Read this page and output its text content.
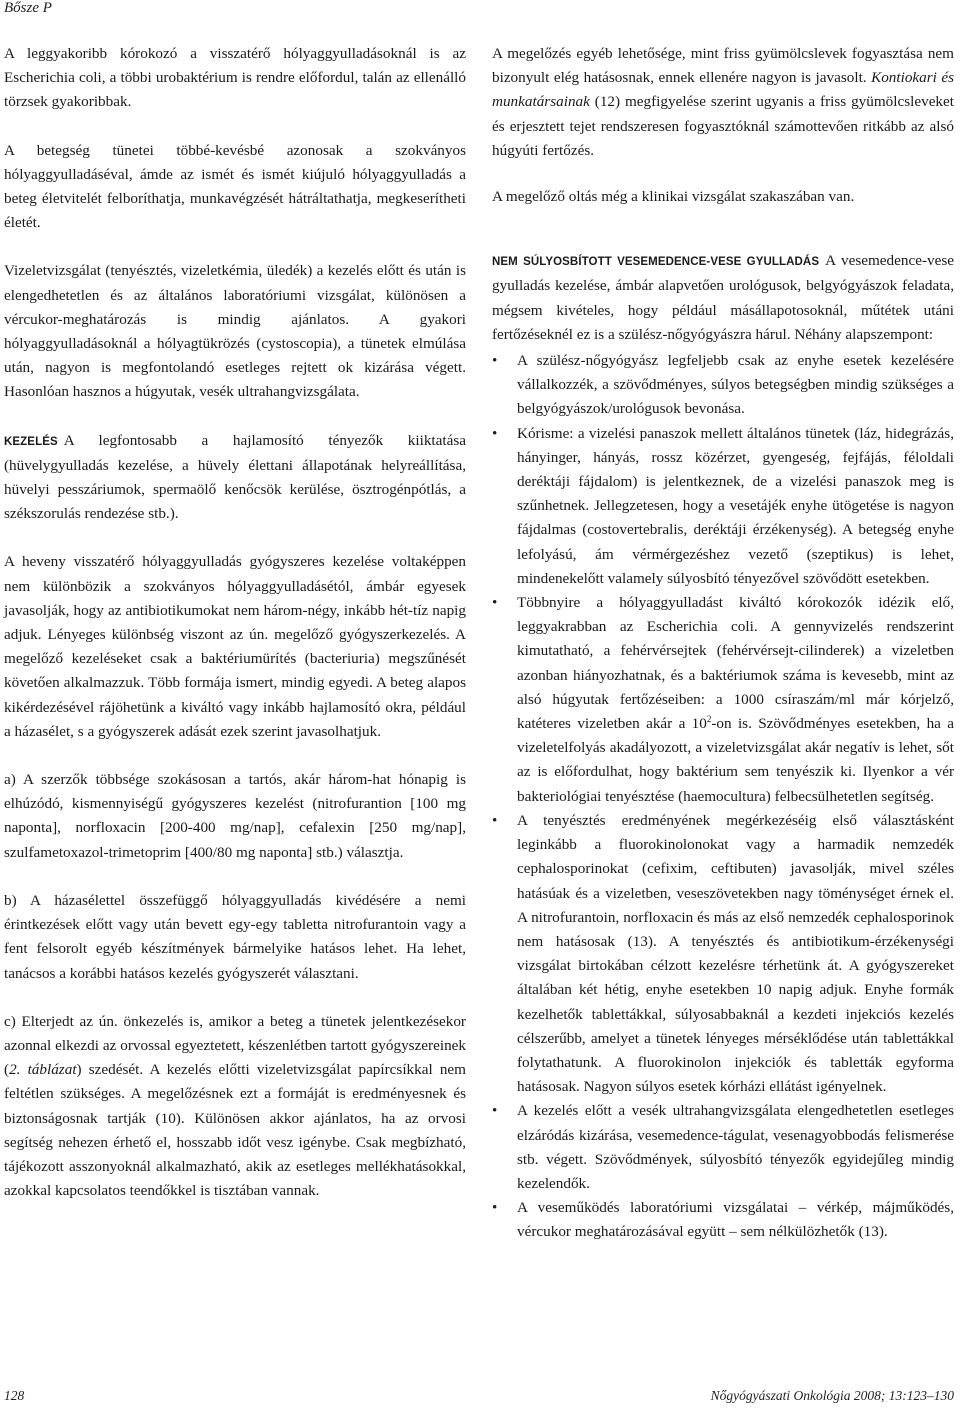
Bősze P

A leggyakoribb kórokozó a visszatérő hólyaggyulladásoknál is az Escherichia coli, a többi urobaktérium is rendre előfordul, talán az ellenálló törzsek gyakoribbak.

A betegség tünetei többé-kevésbé azonosak a szokványos hólyaggyulladáséval, ámde az ismét és ismét kiújuló hólyaggyulladás a beteg életvitelét felboríthatja, munkavégzését hátráltathatja, megkeserítheti életét.

Vizeletvizsgálat (tenyésztés, vizeletkémia, üledék) a kezelés előtt és után is elengedhetetlen és az általános laboratóriumi vizsgálat, különösen a vércukor-meghatározás is mindig ajánlatos. A gyakori hólyaggyulladásoknál a hólyagtükrözés (cystoscopia), a tünetek elmúlása után, nagyon is megfontolandó esetleges rejtett ok kizárása végett. Hasonlóan hasznos a húgyutak, vesék ultrahangvizsgálata.

KEZELÉS A legfontosabb a hajlamosító tényezők kiiktatása (hüvelygyulladás kezelése, a hüvely élettani állapotának helyreállítása, hüvelyi pesszáriumok, spermaölő kenőcsök kerülése, ösztrogénpótlás, a székszorulás rendezése stb.).

A heveny visszatérő hólyaggyulladás gyógyszeres kezelése voltaképpen nem különbözik a szokványos hólyaggyulladásétól, ámbár egyesek javasolják, hogy az antibiotikumokat nem három-négy, inkább hét-tíz napig adjuk. Lényeges különbség viszont az ún. megelőző gyógyszerkezelés. A megelőző kezeléseket csak a baktériumürítés (bacteriuria) megszűnését követően alkalmazzuk. Több formája ismert, mindig egyedi. A beteg alapos kikérdezésével rájöhetünk a kiváltó vagy inkább hajlamosító okra, például a házasélet, s a gyógyszerek adását ezek szerint javasolhatjuk.

a) A szerzők többsége szokásosan a tartós, akár három-hat hónapig is elhúzódó, kismennyiségű gyógyszeres kezelést (nitrofurantion [100 mg naponta], norfloxacin [200-400 mg/nap], cefalexin [250 mg/nap], szulfametoxazol-trimetoprim [400/80 mg naponta] stb.) választja.

b) A házasélettel összefüggő hólyaggyulladás kivédésére a nemi érintkezések előtt vagy után bevett egy-egy tabletta nitrofurantoin vagy a fent felsorolt egyéb készítmények bármelyike hatásos lehet. Ha lehet, tanácsos a korábbi hatásos kezelés gyógyszerét választani.

c) Elterjedt az ún. önkezelés is, amikor a beteg a tünetek jelentkezésekor azonnal elkezdi az orvossal egyeztetett, készenlétben tartott gyógyszereinek (2. táblázat) szedését. A kezelés előtti vizeletvizsgálat papírcsíkkal nem feltétlen szükséges. A megelőzésnek ezt a formáját is eredményesnek és biztonságosnak tartják (10). Különösen akkor ajánlatos, ha az orvosi segítség nehezen érhető el, hosszabb időt vesz igénybe. Csak megbízható, tájékozott asszonyoknál alkalmazható, akik az esetleges mellékhatásokkal, azokkal kapcsolatos teendőkkel is tisztában vannak.

A megelőzés egyéb lehetősége, mint friss gyümölcslevek fogyasztása nem bizonyult elég hatásosnak, ennek ellenére nagyon is javasolt. Kontiokari és munkatársainak (12) megfigyelése szerint ugyanis a friss gyümölcsleveket és erjesztett tejet rendszeresen fogyasztóknál számottevően ritkább az alsó húgyúti fertőzés.

A megelőző oltás még a klinikai vizsgálat szakaszában van.

NEM SÚLYOSBÍTOTT VESEMEDENCE-VESE GYULLADÁS A vesemedence-vese gyulladás kezelése, ámbár alapvetően urológusok, belgyógyászok feladata, mégsem kivételes, hogy például másállapotosoknál, műtétek utáni fertőzéseknél ez is a szülész-nőgyógyászra hárul. Néhány alapszempont:

•	A szülész-nőgyógyász legfeljebb csak az enyhe esetek kezelésére vállalkozzék, a szövődményes, súlyos betegségben mindig szükséges a belgyógyászok/urológusok bevonása.
•	Kórisme: a vizelési panaszok mellett általános tünetek (láz, hidegrázás, hányinger, hányás, rossz közérzet, gyengeség, fejfájás, féloldali deréktáji fájdalom) is jelentkeznek, de a vizelési panaszok meg is szűnhetnek. Jellegzetesen, hogy a vesetájék enyhe ütögetése is nagyon fájdalmas (costovertebralis, deréktáji érzékenység). A betegség enyhe lefolyású, ám vérmérgezéshez vezető (szeptikus) is lehet, mindenekelőtt valamely súlyosbító tényezővel szövődött esetekben.
•	Többnyire a hólyaggyulladást kiváltó kórokozók idézik elő, leggyakrabban az Escherichia coli. A gennyvizelés rendszerint kimutatható, a fehérvérsejtek (fehérvérsejt-cilinderek) a vizeletben azonban hiányozhatnak, és a baktériumok száma is kevesebb, mint az alsó húgyutak fertőzéseiben: a 1000 csíraszám/ml már kórjelző, katéteres vizeletben akár a $10^2-on$ is. Szövődményes esetekben, ha a vizeletelfolyás akadályozott, a vizeletvizsgálat akár negatív is lehet, sőt az is előfordulhat, hogy baktérium sem tenyészik ki. Ilyenkor a vér bakteriológiai tenyésztése (haemocultura) felbecsülhetetlen segítség.
•	A tenyésztés eredményének megérkezéséig első választásként leginkább a fluorokinolonokat vagy a harmadik nemzedék cephalosporinokat (cefixim, ceftibuten) javasolják, mivel széles hatásúak és a vizeletben, veseszövetekben nagy töménységet érnek el. A nitrofurantoin, norfloxacin és más az első nemzedék cephalosporinok nem hatásosak (13). A tenyésztés és antibiotikum-érzékenységi vizsgálat birtokában célzott kezelésre térhetünk át. A gyógyszereket általában két hétig, enyhe esetekben 10 napig adjuk. Enyhe formák kezelhetők tablettákkal, súlyosabbaknál a kezdeti injekciós kezelés célszerűbb, amelyet a tünetek lényeges mérséklődése után tablettákkal folytathatunk. A fluorokinolon injekciók és tabletták egyforma hatásosak. Nagyon súlyos esetek kórházi ellátást igényelnek.
•	A kezelés előtt a vesék ultrahangvizsgálata elengedhetetlen esetleges elzáródás kizárása, vesemedence-tágulat, vesenagyobbodás felismerése stb. végett. Szövődmények, súlyosbító tényezők egyidejűleg mindig kezelendők.
•	A veseműködés laboratóriumi vizsgálatai – vérkép, májműködés, vércukor meghatározásával együtt – sem nélkülözhetők (13).
128	Nőgyógyászati Onkológia 2008; 13:123–130
